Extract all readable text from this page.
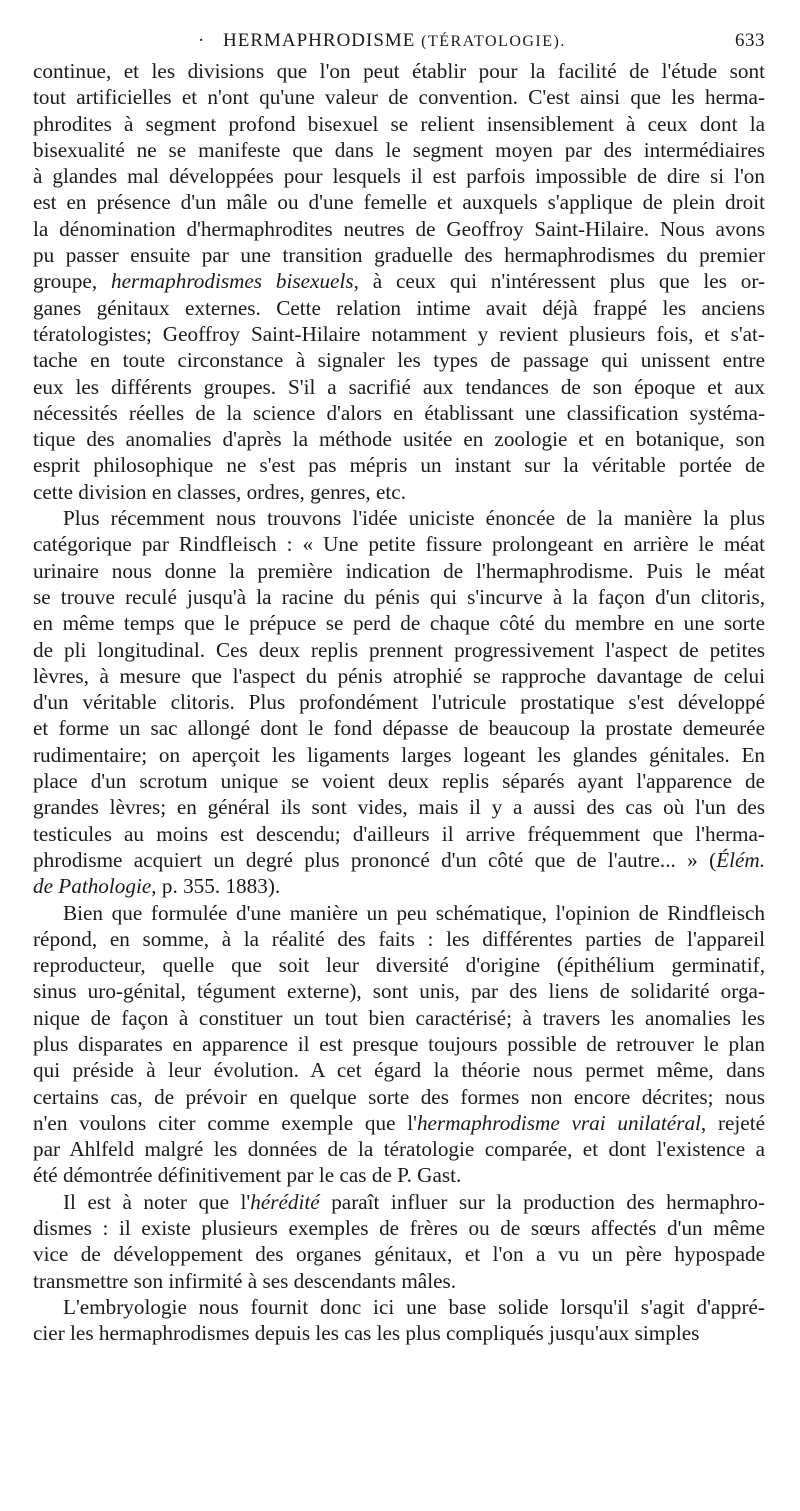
· HERMAPHRODISME (TÉRATOLOGIE).	633
continue, et les divisions que l'on peut établir pour la facilité de l'étude sont
tout artificielles et n'ont qu'une valeur de convention. C'est ainsi que les herma-
phrodites à segment profond bisexuel se relient insensiblement à ceux dont la
bisexualité ne se manifeste que dans le segment moyen par des intermédiaires
à glandes mal développées pour lesquels il est parfois impossible de dire si l'on
est en présence d'un mâle ou d'une femelle et auxquels s'applique de plein droit
la dénomination d'hermaphrodites neutres de Geoffroy Saint-Hilaire. Nous avons
pu passer ensuite par une transition graduelle des hermaphrodismes du premier
groupe, hermaphrodismes bisexuels, à ceux qui n'intéressent plus que les or-
ganes génitaux externes. Cette relation intime avait déjà frappé les anciens
tératologistes; Geoffroy Saint-Hilaire notamment y revient plusieurs fois, et s'at-
tache en toute circonstance à signaler les types de passage qui unissent entre
eux les différents groupes. S'il a sacrifié aux tendances de son époque et aux
nécessités réelles de la science d'alors en établissant une classification systéma-
tique des anomalies d'après la méthode usitée en zoologie et en botanique, son
esprit philosophique ne s'est pas mépris un instant sur la véritable portée de
cette division en classes, ordres, genres, etc.
Plus récemment nous trouvons l'idée uniciste énoncée de la manière la plus
catégorique par Rindfleisch : « Une petite fissure prolongeant en arrière le méat
urinaire nous donne la première indication de l'hermaphrodisme. Puis le méat
se trouve reculé jusqu'à la racine du pénis qui s'incurve à la façon d'un clitoris,
en même temps que le prépuce se perd de chaque côté du membre en une sorte
de pli longitudinal. Ces deux replis prennent progressivement l'aspect de petites
lèvres, à mesure que l'aspect du pénis atrophié se rapproche davantage de celui
d'un véritable clitoris. Plus profondément l'utricule prostatique s'est développé
et forme un sac allongé dont le fond dépasse de beaucoup la prostate demeurée
rudimentaire; on aperçoit les ligaments larges logeant les glandes génitales. En
place d'un scrotum unique se voient deux replis séparés ayant l'apparence de
grandes lèvres; en général ils sont vides, mais il y a aussi des cas où l'un des
testicules au moins est descendu; d'ailleurs il arrive fréquemment que l'herma-
phrodisme acquiert un degré plus prononcé d'un côté que de l'autre... » (Élém.
de Pathologie, p. 355. 1883).
Bien que formulée d'une manière un peu schématique, l'opinion de Rindfleisch
répond, en somme, à la réalité des faits : les différentes parties de l'appareil
reproducteur, quelle que soit leur diversité d'origine (épithélium germinatif,
sinus uro-génital, tégument externe), sont unis, par des liens de solidarité orga-
nique de façon à constituer un tout bien caractérisé; à travers les anomalies les
plus disparates en apparence il est presque toujours possible de retrouver le plan
qui préside à leur évolution. A cet égard la théorie nous permet même, dans
certains cas, de prévoir en quelque sorte des formes non encore décrites; nous
n'en voulons citer comme exemple que l'hermaphrodisme vrai unilatéral, rejeté
par Ahlfeld malgré les données de la tératologie comparée, et dont l'existence a
été démontrée définitivement par le cas de P. Gast.
Il est à noter que l'hérédité paraît influer sur la production des hermaphro-
dismes : il existe plusieurs exemples de frères ou de sœurs affectés d'un même
vice de développement des organes génitaux, et l'on a vu un père hypospade
transmettre son infirmité à ses descendants mâles.
L'embryologie nous fournit donc ici une base solide lorsqu'il s'agit d'appré-
cier les hermaphrodismes depuis les cas les plus compliqués jusqu'aux simples
